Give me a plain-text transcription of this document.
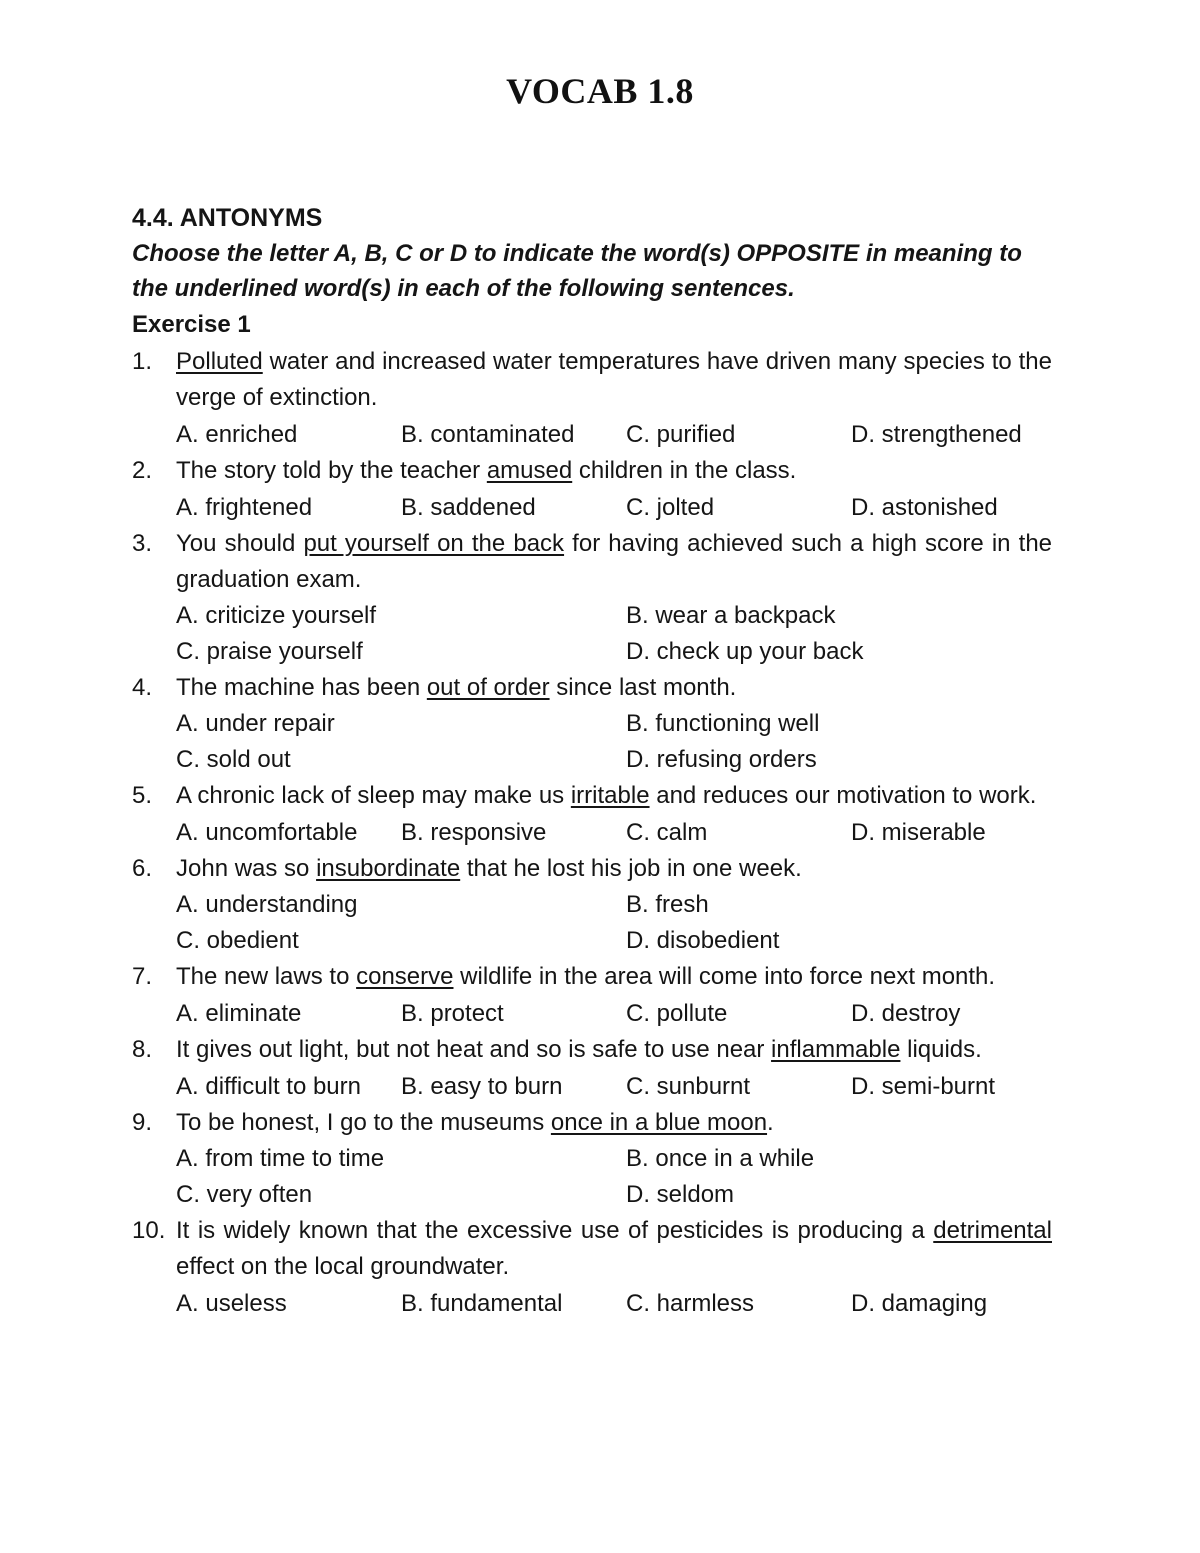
VOCAB 1.8
4.4. ANTONYMS
Choose the letter A, B, C or D to indicate the word(s) OPPOSITE in meaning to the underlined word(s) in each of the following sentences.
Exercise 1
1. Polluted water and increased water temperatures have driven many species to the verge of extinction.
A. enriched	B. contaminated	C. purified	D. strengthened
2. The story told by the teacher amused children in the class.
A. frightened	B. saddened	C. jolted	D. astonished
3. You should put yourself on the back for having achieved such a high score in the graduation exam.
A. criticize yourself	B. wear a backpack
C. praise yourself	D. check up your back
4. The machine has been out of order since last month.
A. under repair	B. functioning well
C. sold out	D. refusing orders
5. A chronic lack of sleep may make us irritable and reduces our motivation to work.
A. uncomfortable	B. responsive	C. calm	D. miserable
6. John was so insubordinate that he lost his job in one week.
A. understanding	B. fresh
C. obedient	D. disobedient
7. The new laws to conserve wildlife in the area will come into force next month.
A. eliminate	B. protect	C. pollute	D. destroy
8. It gives out light, but not heat and so is safe to use near inflammable liquids.
A. difficult to burn	B. easy to burn	C. sunburnt	D. semi-burnt
9. To be honest, I go to the museums once in a blue moon.
A. from time to time	B. once in a while
C. very often	D. seldom
10. It is widely known that the excessive use of pesticides is producing a detrimental effect on the local groundwater.
A. useless	B. fundamental	C. harmless	D. damaging
